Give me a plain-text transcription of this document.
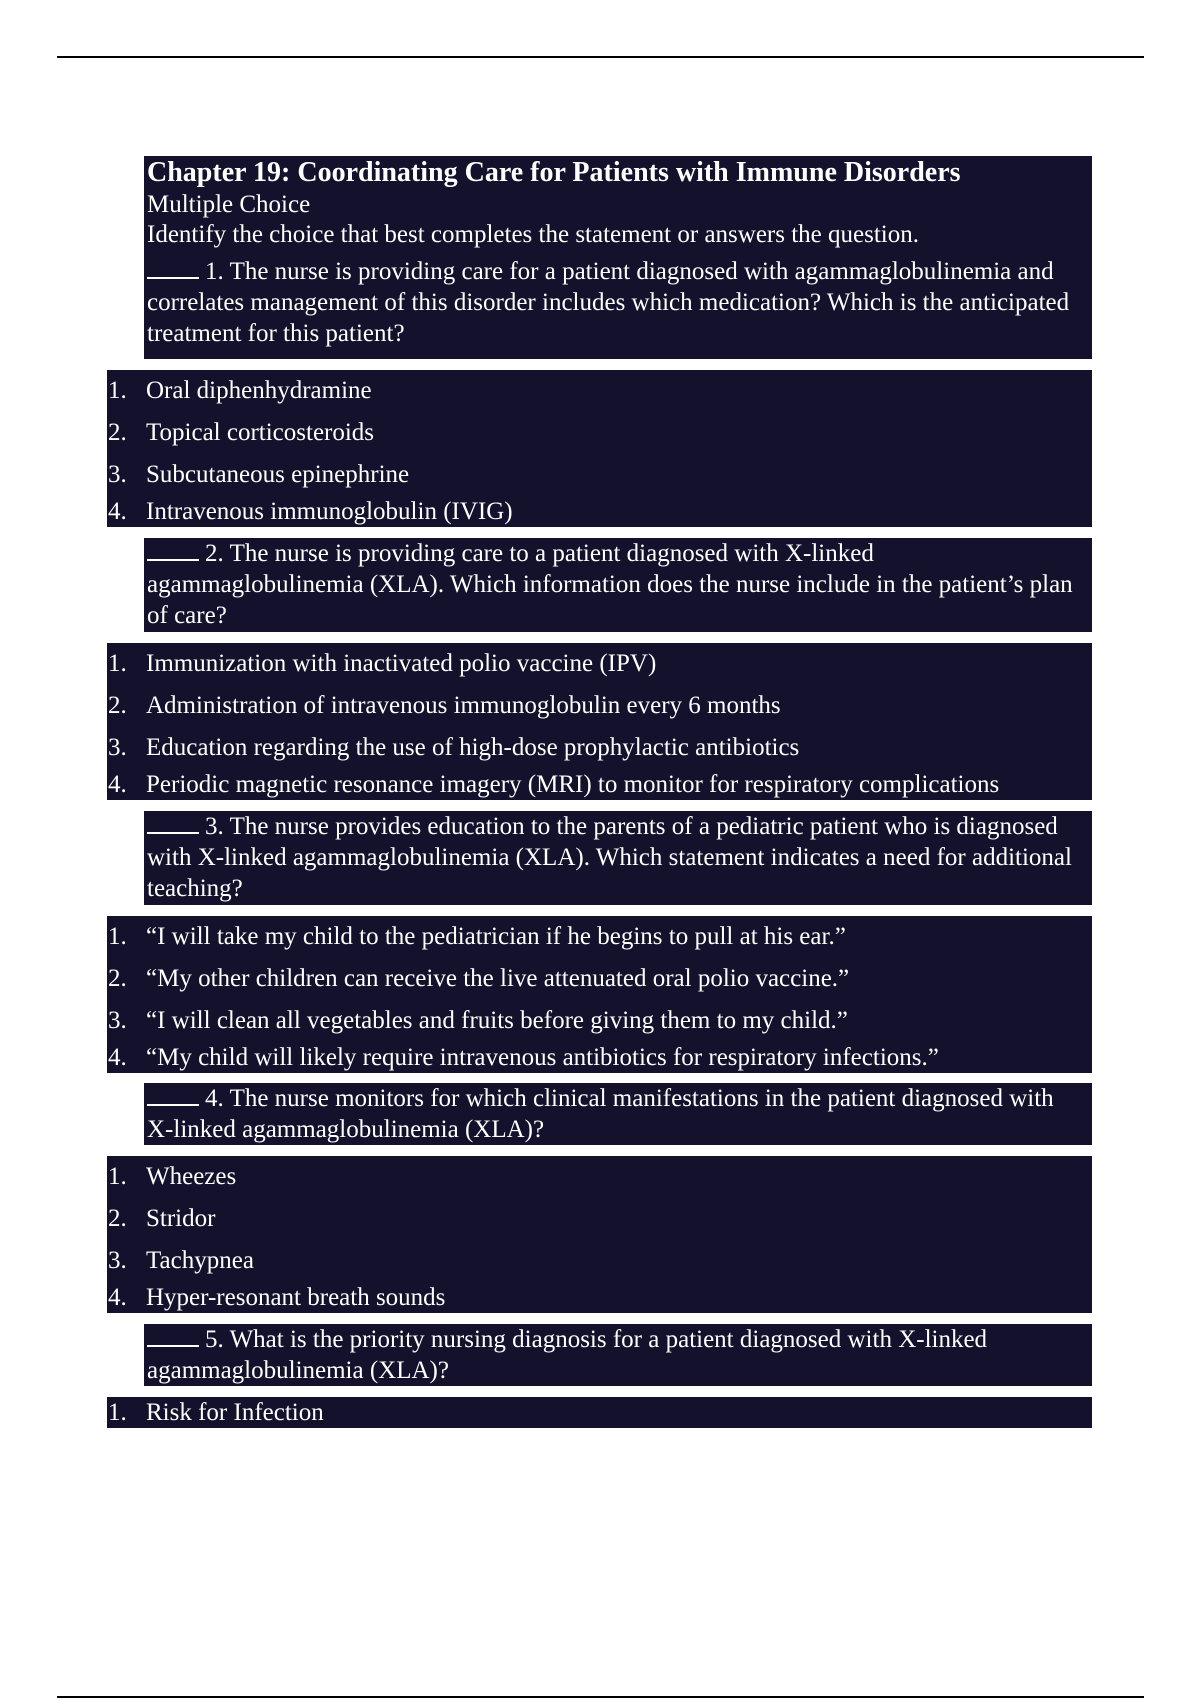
Chapter 19: Coordinating Care for Patients with Immune Disorders
Multiple Choice
Identify the choice that best completes the statement or answers the question.
1. The nurse is providing care for a patient diagnosed with agammaglobulinemia and correlates management of this disorder includes which medication? Which is the anticipated treatment for this patient?
1. Oral diphenhydramine
2. Topical corticosteroids
3. Subcutaneous epinephrine
4. Intravenous immunoglobulin (IVIG)
2. The nurse is providing care to a patient diagnosed with X-linked agammaglobulinemia (XLA). Which information does the nurse include in the patient’s plan of care?
1. Immunization with inactivated polio vaccine (IPV)
2. Administration of intravenous immunoglobulin every 6 months
3. Education regarding the use of high-dose prophylactic antibiotics
4. Periodic magnetic resonance imagery (MRI) to monitor for respiratory complications
3. The nurse provides education to the parents of a pediatric patient who is diagnosed with X-linked agammaglobulinemia (XLA). Which statement indicates a need for additional teaching?
1. “I will take my child to the pediatrician if he begins to pull at his ear.”
2. “My other children can receive the live attenuated oral polio vaccine.”
3. “I will clean all vegetables and fruits before giving them to my child.”
4. “My child will likely require intravenous antibiotics for respiratory infections.”
4. The nurse monitors for which clinical manifestations in the patient diagnosed with X-linked agammaglobulinemia (XLA)?
1. Wheezes
2. Stridor
3. Tachypnea
4. Hyper-resonant breath sounds
5. What is the priority nursing diagnosis for a patient diagnosed with X-linked agammaglobulinemia (XLA)?
1. Risk for Infection
